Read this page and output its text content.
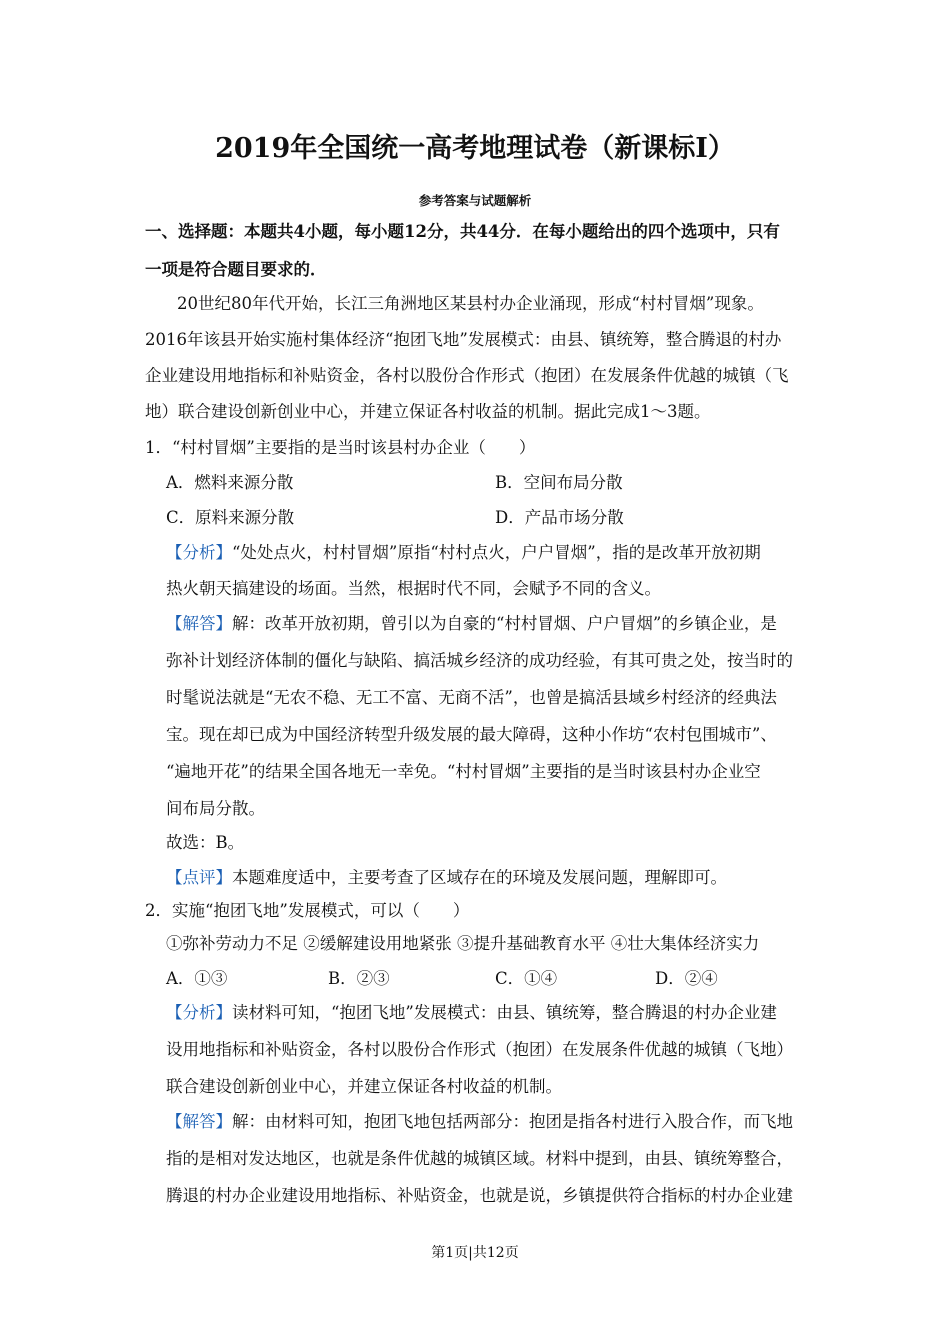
2019年全国统一高考地理试卷（新课标Ⅰ）
参考答案与试题解析
一、选择题：本题共4小题，每小题12分，共44分．在每小题给出的四个选项中，只有
一项是符合题目要求的．
20世纪80年代开始，长江三角洲地区某县村办企业涌现，形成“村村冒烟”现象。
2016年该县开始实施村集体经济“抱团飞地”发展模式：由县、镇统筹，整合腾退的村办
企业建设用地指标和补贴资金，各村以股份合作形式（抱团）在发展条件优越的城镇（飞
地）联合建设创新创业中心，并建立保证各村收益的机制。据此完成1～3题。
1．“村村冒烟”主要指的是当时该县村办企业（　　）
A．燃料来源分散	B．空间布局分散
C．原料来源分散	D．产品市场分散
【分析】“处处点火，村村冒烟”原指“村村点火，户户冒烟”，指的是改革开放初期
热火朝天搞建设的场面。当然，根据时代不同，会赋予不同的含义。
【解答】解：改革开放初期，曾引以为自豪的“村村冒烟、户户冒烟”的乡镇企业，是
弥补计划经济体制的僵化与缺陷、搞活城乡经济的成功经验，有其可贵之处，按当时的
时髦说法就是“无农不稳、无工不富、无商不活”，也曾是搞活县域乡村经济的经典法
宝。现在却已成为中国经济转型升级发展的最大障碍，这种小作坊“农村包围城市”、
“遍地开花”的结果全国各地无一幸免。“村村冒烟”主要指的是当时该县村办企业空
间布局分散。
故选：B。
【点评】本题难度适中，主要考查了区域存在的环境及发展问题，理解即可。
2．实施“抱团飞地”发展模式，可以（　　）
①弥补劳动力不足 ②缓解建设用地紧张 ③提升基础教育水平 ④壮大集体经济实力
A．①③	B．②③	C．①④	D．②④
【分析】读材料可知，“抱团飞地”发展模式：由县、镇统筹，整合腾退的村办企业建
设用地指标和补贴资金，各村以股份合作形式（抱团）在发展条件优越的城镇（飞地）
联合建设创新创业中心，并建立保证各村收益的机制。
【解答】解：由材料可知，抱团飞地包括两部分：抱团是指各村进行入股合作，而飞地
指的是相对发达地区，也就是条件优越的城镇区域。材料中提到，由县、镇统筹整合，
腾退的村办企业建设用地指标、补贴资金，也就是说，乡镇提供符合指标的村办企业建
第1页|共12页
